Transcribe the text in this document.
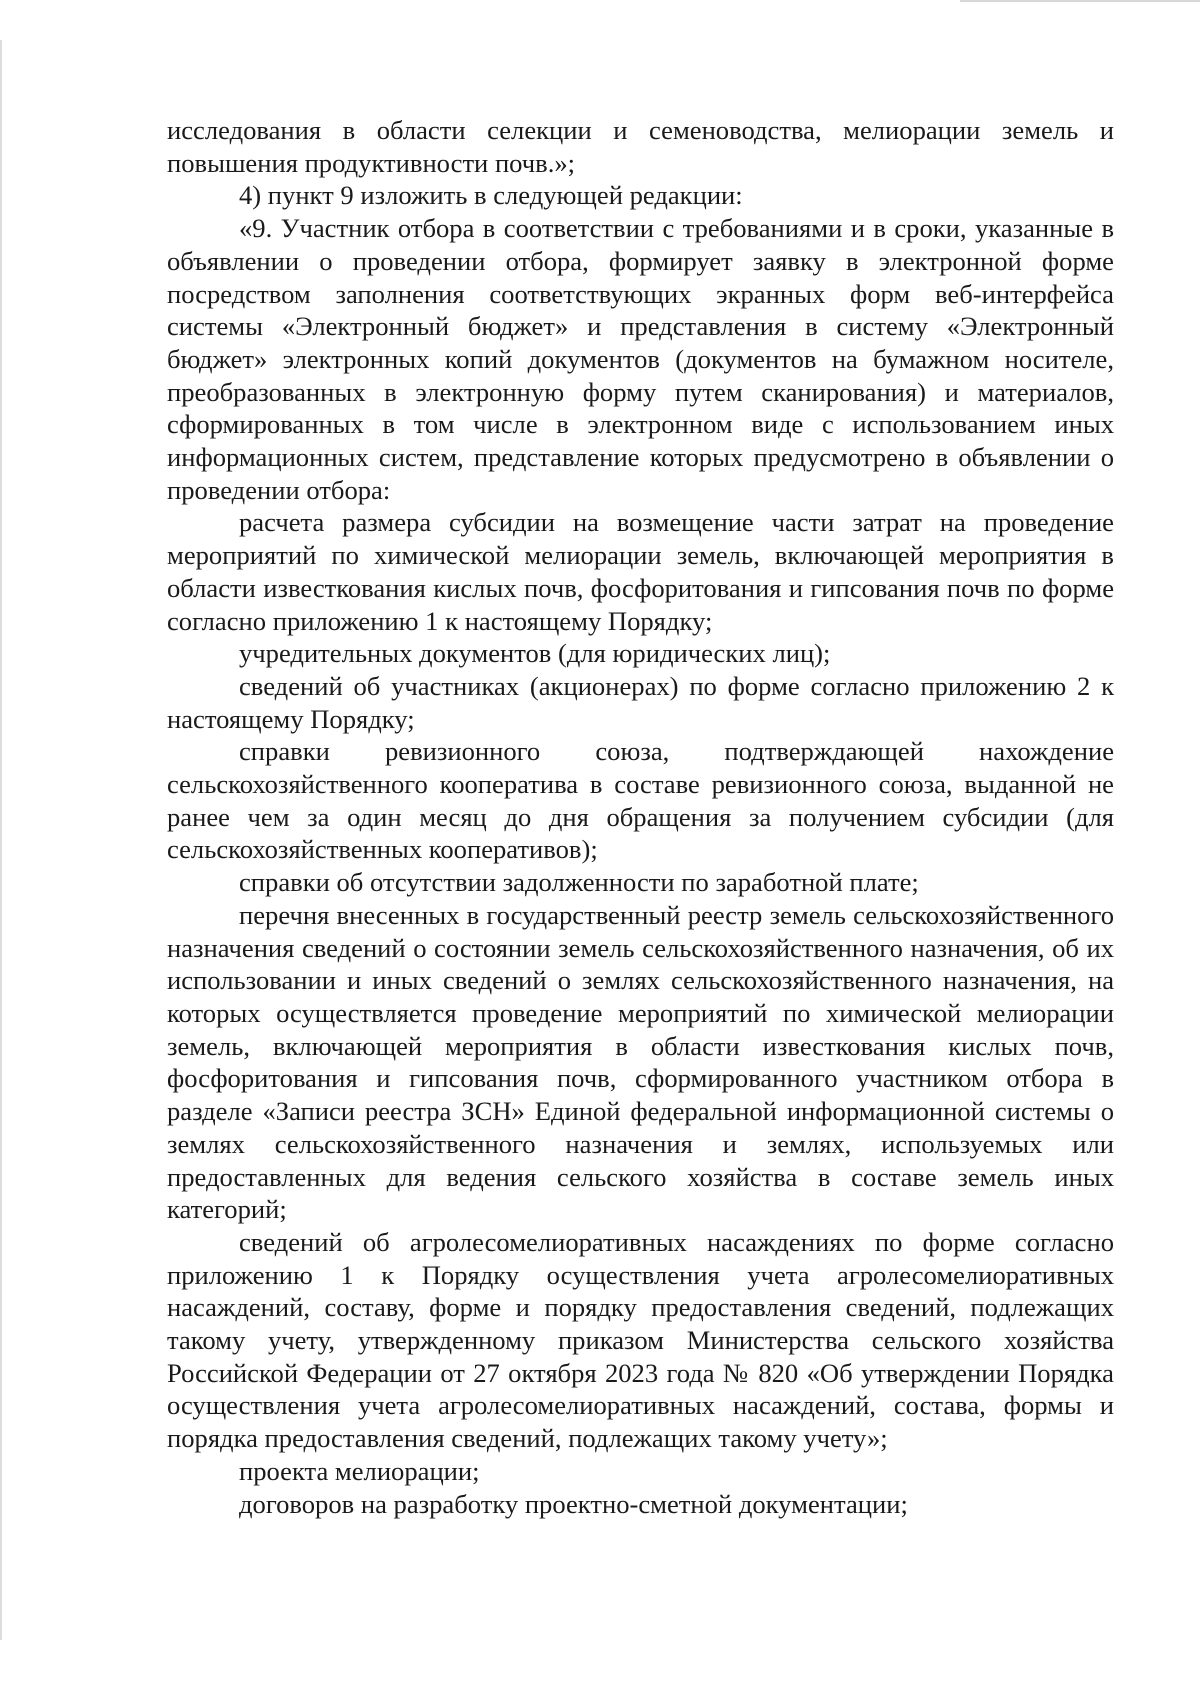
исследования в области селекции и семеноводства, мелиорации земель и повышения продуктивности почв.»;

4) пункт 9 изложить в следующей редакции:

«9. Участник отбора в соответствии с требованиями и в сроки, указанные в объявлении о проведении отбора, формирует заявку в электронной форме посредством заполнения соответствующих экранных форм веб-интерфейса системы «Электронный бюджет» и представления в систему «Электронный бюджет» электронных копий документов (документов на бумажном носителе, преобразованных в электронную форму путем сканирования) и материалов, сформированных в том числе в электронном виде с использованием иных информационных систем, представление которых предусмотрено в объявлении о проведении отбора:

расчета размера субсидии на возмещение части затрат на проведение мероприятий по химической мелиорации земель, включающей мероприятия в области известкования кислых почв, фосфоритования и гипсования почв по форме согласно приложению 1 к настоящему Порядку;

учредительных документов (для юридических лиц);

сведений об участниках (акционерах) по форме согласно приложению 2 к настоящему Порядку;

справки ревизионного союза, подтверждающей нахождение сельскохозяйственного кооператива в составе ревизионного союза, выданной не ранее чем за один месяц до дня обращения за получением субсидии (для сельскохозяйственных кооперативов);

справки об отсутствии задолженности по заработной плате;

перечня внесенных в государственный реестр земель сельскохозяйственного назначения сведений о состоянии земель сельскохозяйственного назначения, об их использовании и иных сведений о землях сельскохозяйственного назначения, на которых осуществляется проведение мероприятий по химической мелиорации земель, включающей мероприятия в области известкования кислых почв, фосфоритования и гипсования почв, сформированного участником отбора в разделе «Записи реестра ЗСН» Единой федеральной информационной системы о землях сельскохозяйственного назначения и землях, используемых или предоставленных для ведения сельского хозяйства в составе земель иных категорий;

сведений об агролесомелиоративных насаждениях по форме согласно приложению 1 к Порядку осуществления учета агролесомелиоративных насаждений, составу, форме и порядку предоставления сведений, подлежащих такому учету, утвержденному приказом Министерства сельского хозяйства Российской Федерации от 27 октября 2023 года № 820 «Об утверждении Порядка осуществления учета агролесомелиоративных насаждений, состава, формы и порядка предоставления сведений, подлежащих такому учету»;

проекта мелиорации;

договоров на разработку проектно-сметной документации;
